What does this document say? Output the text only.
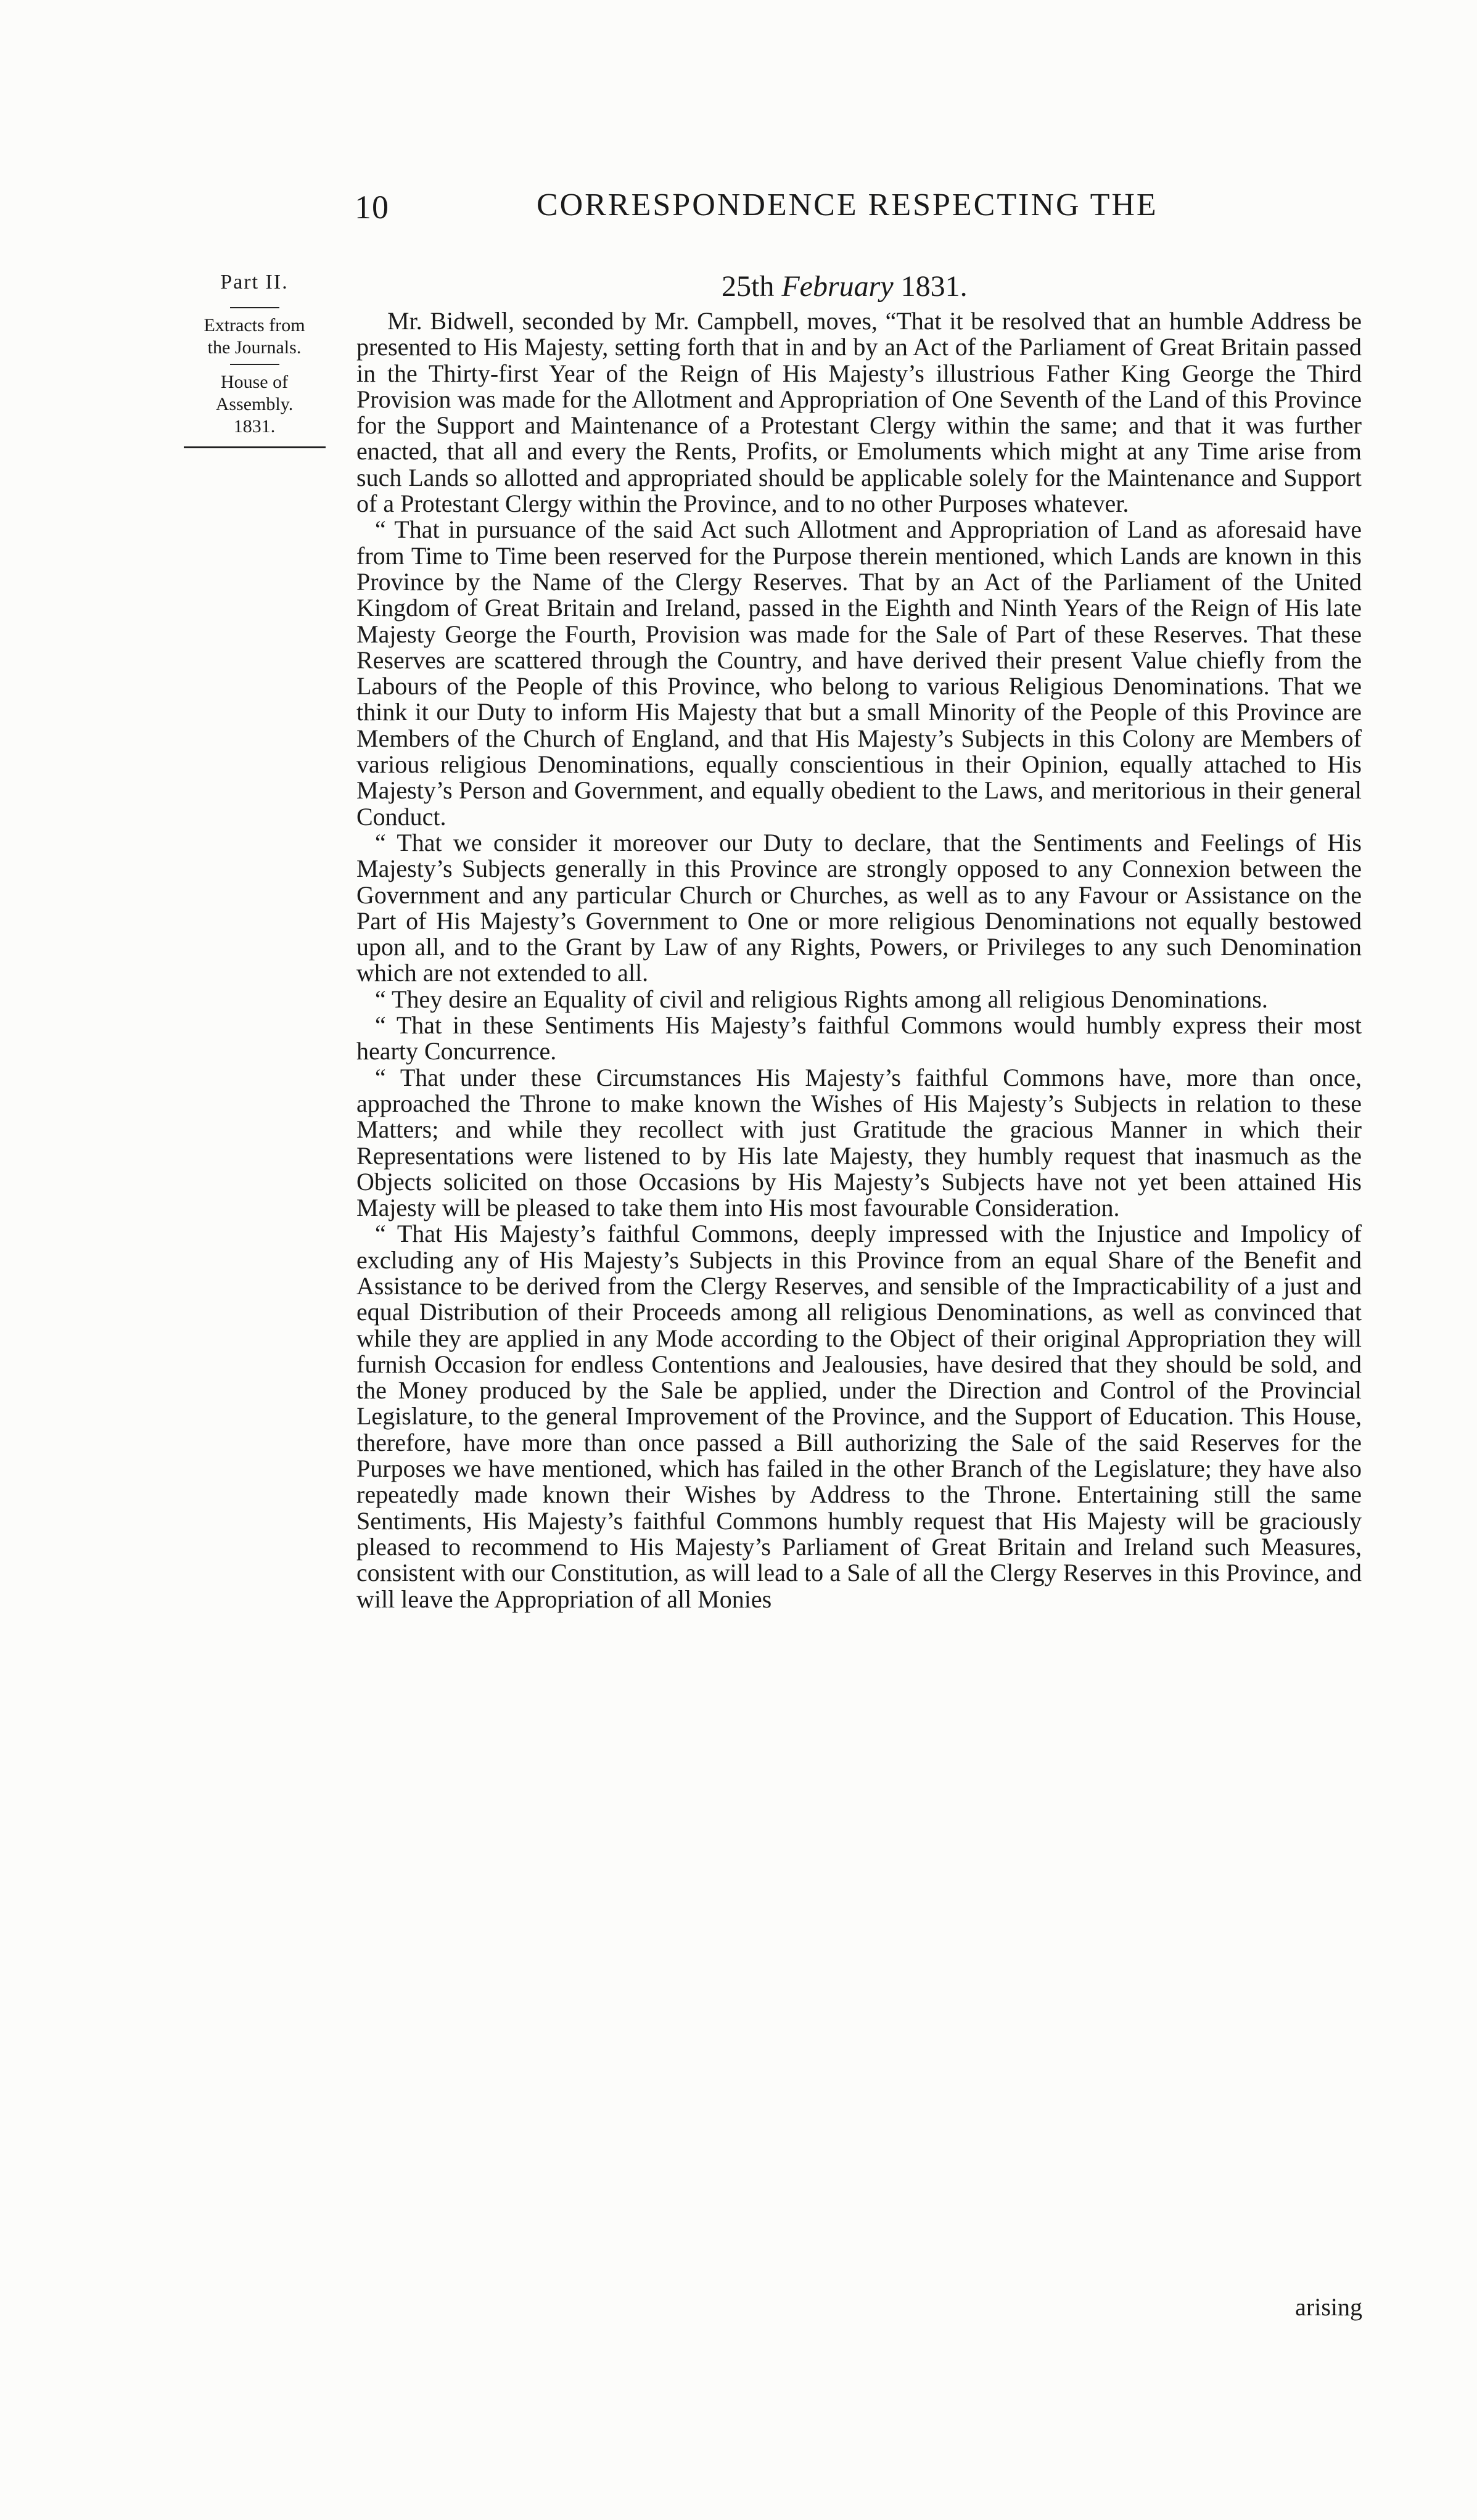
10	CORRESPONDENCE RESPECTING THE
Part II.
Extracts from
the Journals.
House of
Assembly.
1831.
25th February 1831.

Mr. Bidwell, seconded by Mr. Campbell, moves, “That it be resolved that an humble Address be presented to His Majesty, setting forth that in and by an Act of the Parliament of Great Britain passed in the Thirty-first Year of the Reign of His Majesty’s illustrious Father King George the Third Provision was made for the Allotment and Appropriation of One Seventh of the Land of this Province for the Support and Maintenance of a Protestant Clergy within the same; and that it was further enacted, that all and every the Rents, Profits, or Emoluments which might at any Time arise from such Lands so allotted and appropriated should be applicable solely for the Maintenance and Support of a Protestant Clergy within the Province, and to no other Purposes whatever.

“ That in pursuance of the said Act such Allotment and Appropriation of Land as aforesaid have from Time to Time been reserved for the Purpose therein mentioned, which Lands are known in this Province by the Name of the Clergy Reserves. That by an Act of the Parliament of the United Kingdom of Great Britain and Ireland, passed in the Eighth and Ninth Years of the Reign of His late Majesty George the Fourth, Provision was made for the Sale of Part of these Reserves. That these Reserves are scattered through the Country, and have derived their present Value chiefly from the Labours of the People of this Province, who belong to various Religious Denominations. That we think it our Duty to inform His Majesty that but a small Minority of the People of this Province are Members of the Church of England, and that His Majesty’s Subjects in this Colony are Members of various religious Denominations, equally conscientious in their Opinion, equally attached to His Majesty’s Person and Government, and equally obedient to the Laws, and meritorious in their general Conduct.

“ That we consider it moreover our Duty to declare, that the Sentiments and Feelings of His Majesty’s Subjects generally in this Province are strongly opposed to any Connexion between the Government and any particular Church or Churches, as well as to any Favour or Assistance on the Part of His Majesty’s Government to One or more religious Denominations not equally bestowed upon all, and to the Grant by Law of any Rights, Powers, or Privileges to any such Denomination which are not extended to all.

“ They desire an Equality of civil and religious Rights among all religious Denominations.

“ That in these Sentiments His Majesty’s faithful Commons would humbly express their most hearty Concurrence.

“ That under these Circumstances His Majesty’s faithful Commons have, more than once, approached the Throne to make known the Wishes of His Majesty’s Subjects in relation to these Matters; and while they recollect with just Gratitude the gracious Manner in which their Representations were listened to by His late Majesty, they humbly request that inasmuch as the Objects solicited on those Occasions by His Majesty’s Subjects have not yet been attained His Majesty will be pleased to take them into His most favourable Consideration.

“ That His Majesty’s faithful Commons, deeply impressed with the Injustice and Impolicy of excluding any of His Majesty’s Subjects in this Province from an equal Share of the Benefit and Assistance to be derived from the Clergy Reserves, and sensible of the Impracticability of a just and equal Distribution of their Proceeds among all religious Denominations, as well as convinced that while they are applied in any Mode according to the Object of their original Appropriation they will furnish Occasion for endless Contentions and Jealousies, have desired that they should be sold, and the Money produced by the Sale be applied, under the Direction and Control of the Provincial Legislature, to the general Improvement of the Province, and the Support of Education. This House, therefore, have more than once passed a Bill authorizing the Sale of the said Reserves for the Purposes we have mentioned, which has failed in the other Branch of the Legislature; they have also repeatedly made known their Wishes by Address to the Throne. Entertaining still the same Sentiments, His Majesty’s faithful Commons humbly request that His Majesty will be graciously pleased to recommend to His Majesty’s Parliament of Great Britain and Ireland such Measures, consistent with our Constitution, as will lead to a Sale of all the Clergy Reserves in this Province, and will leave the Appropriation of all Monies

arising
